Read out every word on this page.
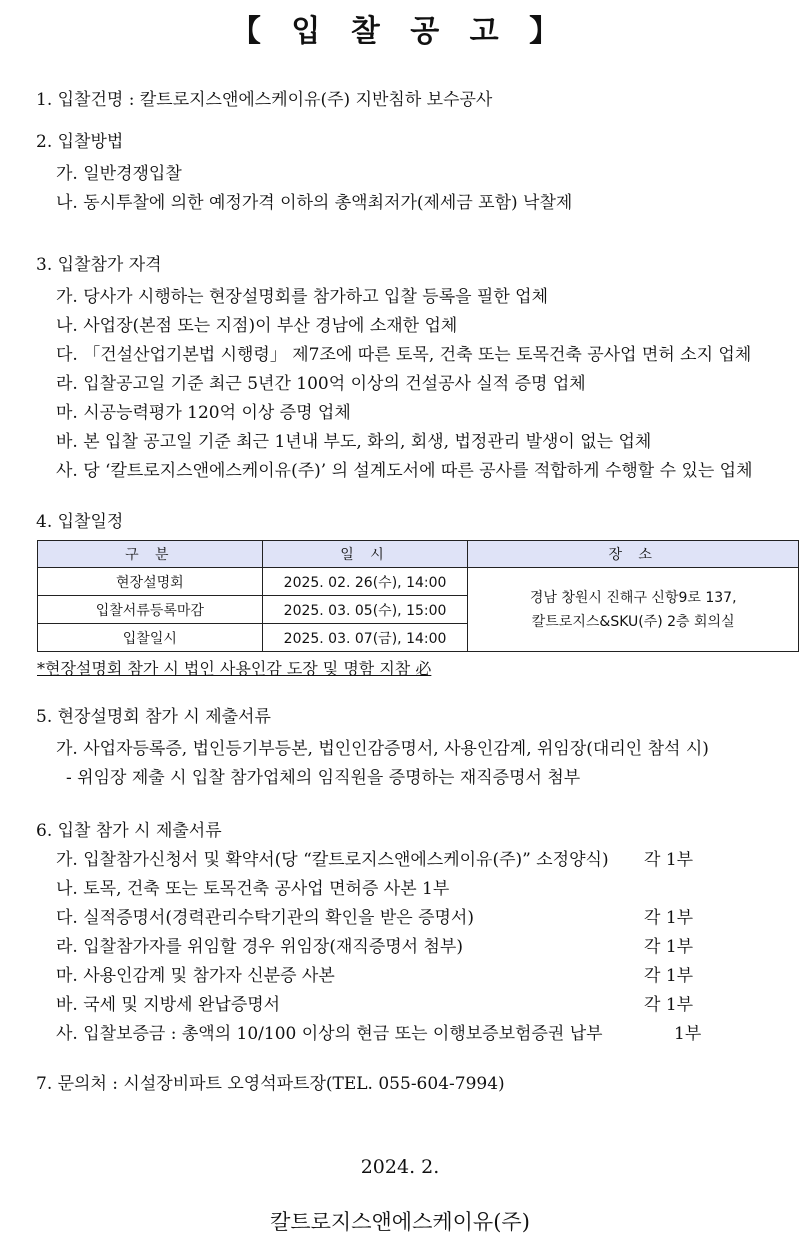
【 입 찰 공 고 】
1. 입찰건명 : 칼트로지스앤에스케이유(주) 지반침하 보수공사
2. 입찰방법
가. 일반경쟁입찰
나. 동시투찰에 의한 예정가격 이하의 총액최저가(제세금 포함) 낙찰제
3. 입찰참가 자격
가. 당사가 시행하는 현장설명회를 참가하고 입찰 등록을 필한 업체
나. 사업장(본점 또는 지점)이 부산 경남에 소재한 업체
다. 「건설산업기본법 시행령」 제7조에 따른 토목, 건축 또는 토목건축 공사업 면허 소지 업체
라. 입찰공고일 기준 최근 5년간 100억 이상의 건설공사 실적 증명 업체
마. 시공능력평가 120억 이상 증명 업체
바. 본 입찰 공고일 기준 최근 1년내 부도, 화의, 회생, 법정관리 발생이 없는 업체
사. 당 ‘칼트로지스앤에스케이유(주)’ 의 설계도서에 따른 공사를 적합하게 수행할 수 있는 업체
4. 입찰일정
구 분	일 시	장 소
현장설명회	2025. 02. 26(수), 14:00	경남 창원시 진해구 신항9로 137,
칼트로지스&SKU(주) 2층 회의실

입찰서류등록마감	2025. 03. 05(수), 15:00	
입찰일시	2025. 03. 07(금), 14:00	
*현장설명회 참가 시 법인 사용인감 도장 및 명함 지참 必
5. 현장설명회 참가 시 제출서류
가. 사업자등록증, 법인등기부등본, 법인인감증명서, 사용인감계, 위임장(대리인 참석 시)
- 위임장 제출 시 입찰 참가업체의 임직원을 증명하는 재직증명서 첨부
6. 입찰 참가 시 제출서류
가. 입찰참가신청서 및 확약서(당 “칼트로지스앤에스케이유(주)” 소정양식) 각 1부
나. 토목, 건축 또는 토목건축 공사업 면허증 사본 1부
다. 실적증명서(경력관리수탁기관의 확인을 받은 증명서)	각 1부
라. 입찰참가자를 위임할 경우 위임장(재직증명서 첨부)	각 1부
마. 사용인감계 및 참가자 신분증 사본	각 1부
바. 국세 및 지방세 완납증명서	각 1부
사. 입찰보증금 : 총액의 10/100 이상의 현금 또는 이행보증보험증권 납부	1부
7. 문의처 : 시설장비파트 오영석파트장(TEL. 055-604-7994)
2024. 2.
칼트로지스앤에스케이유(주)
